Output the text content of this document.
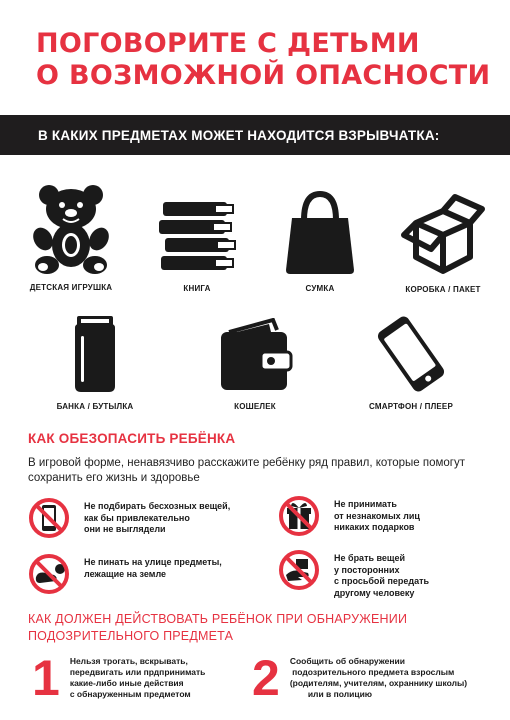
ПОГОВОРИТЕ С ДЕТЬМИ
О ВОЗМОЖНОЙ ОПАСНОСТИ
В КАКИХ ПРЕДМЕТАХ МОЖЕТ НАХОДИТСЯ ВЗРЫВЧАТКА:
ДЕТСКАЯ ИГРУШКА	КНИГА	СУМКА	КОРОБКА / ПАКЕТ
БАНКА / БУТЫЛКА	КОШЕЛЕК	СМАРТФОН / ПЛЕЕР
КАК ОБЕЗОПАСИТЬ РЕБЁНКА
В игровой форме, ненавязчиво расскажите ребёнку ряд правил, которые помогут сохранить его жизнь и здоровье
Не подбирать бесхозных вещей,
как бы привлекательно
они не выглядели
Не принимать
от незнакомых лиц
никаких подарков
Не пинать на улице предметы,
лежащие на земле
Не брать вещей
у посторонних
с просьбой передать
другому человеку
КАК ДОЛЖЕН ДЕЙСТВОВАТЬ РЕБЁНОК ПРИ ОБНАРУЖЕНИИ
ПОДОЗРИТЕЛЬНОГО ПРЕДМЕТА
1 Нельзя трогать, вскрывать,
передвигать или прдпринимать
какие-либо иные действия
с обнаруженным предметом 2 Сообщить об обнаружении
подозрительного предмета взрослым
(родителям, учителям, охраннику школы)
или в полицию
